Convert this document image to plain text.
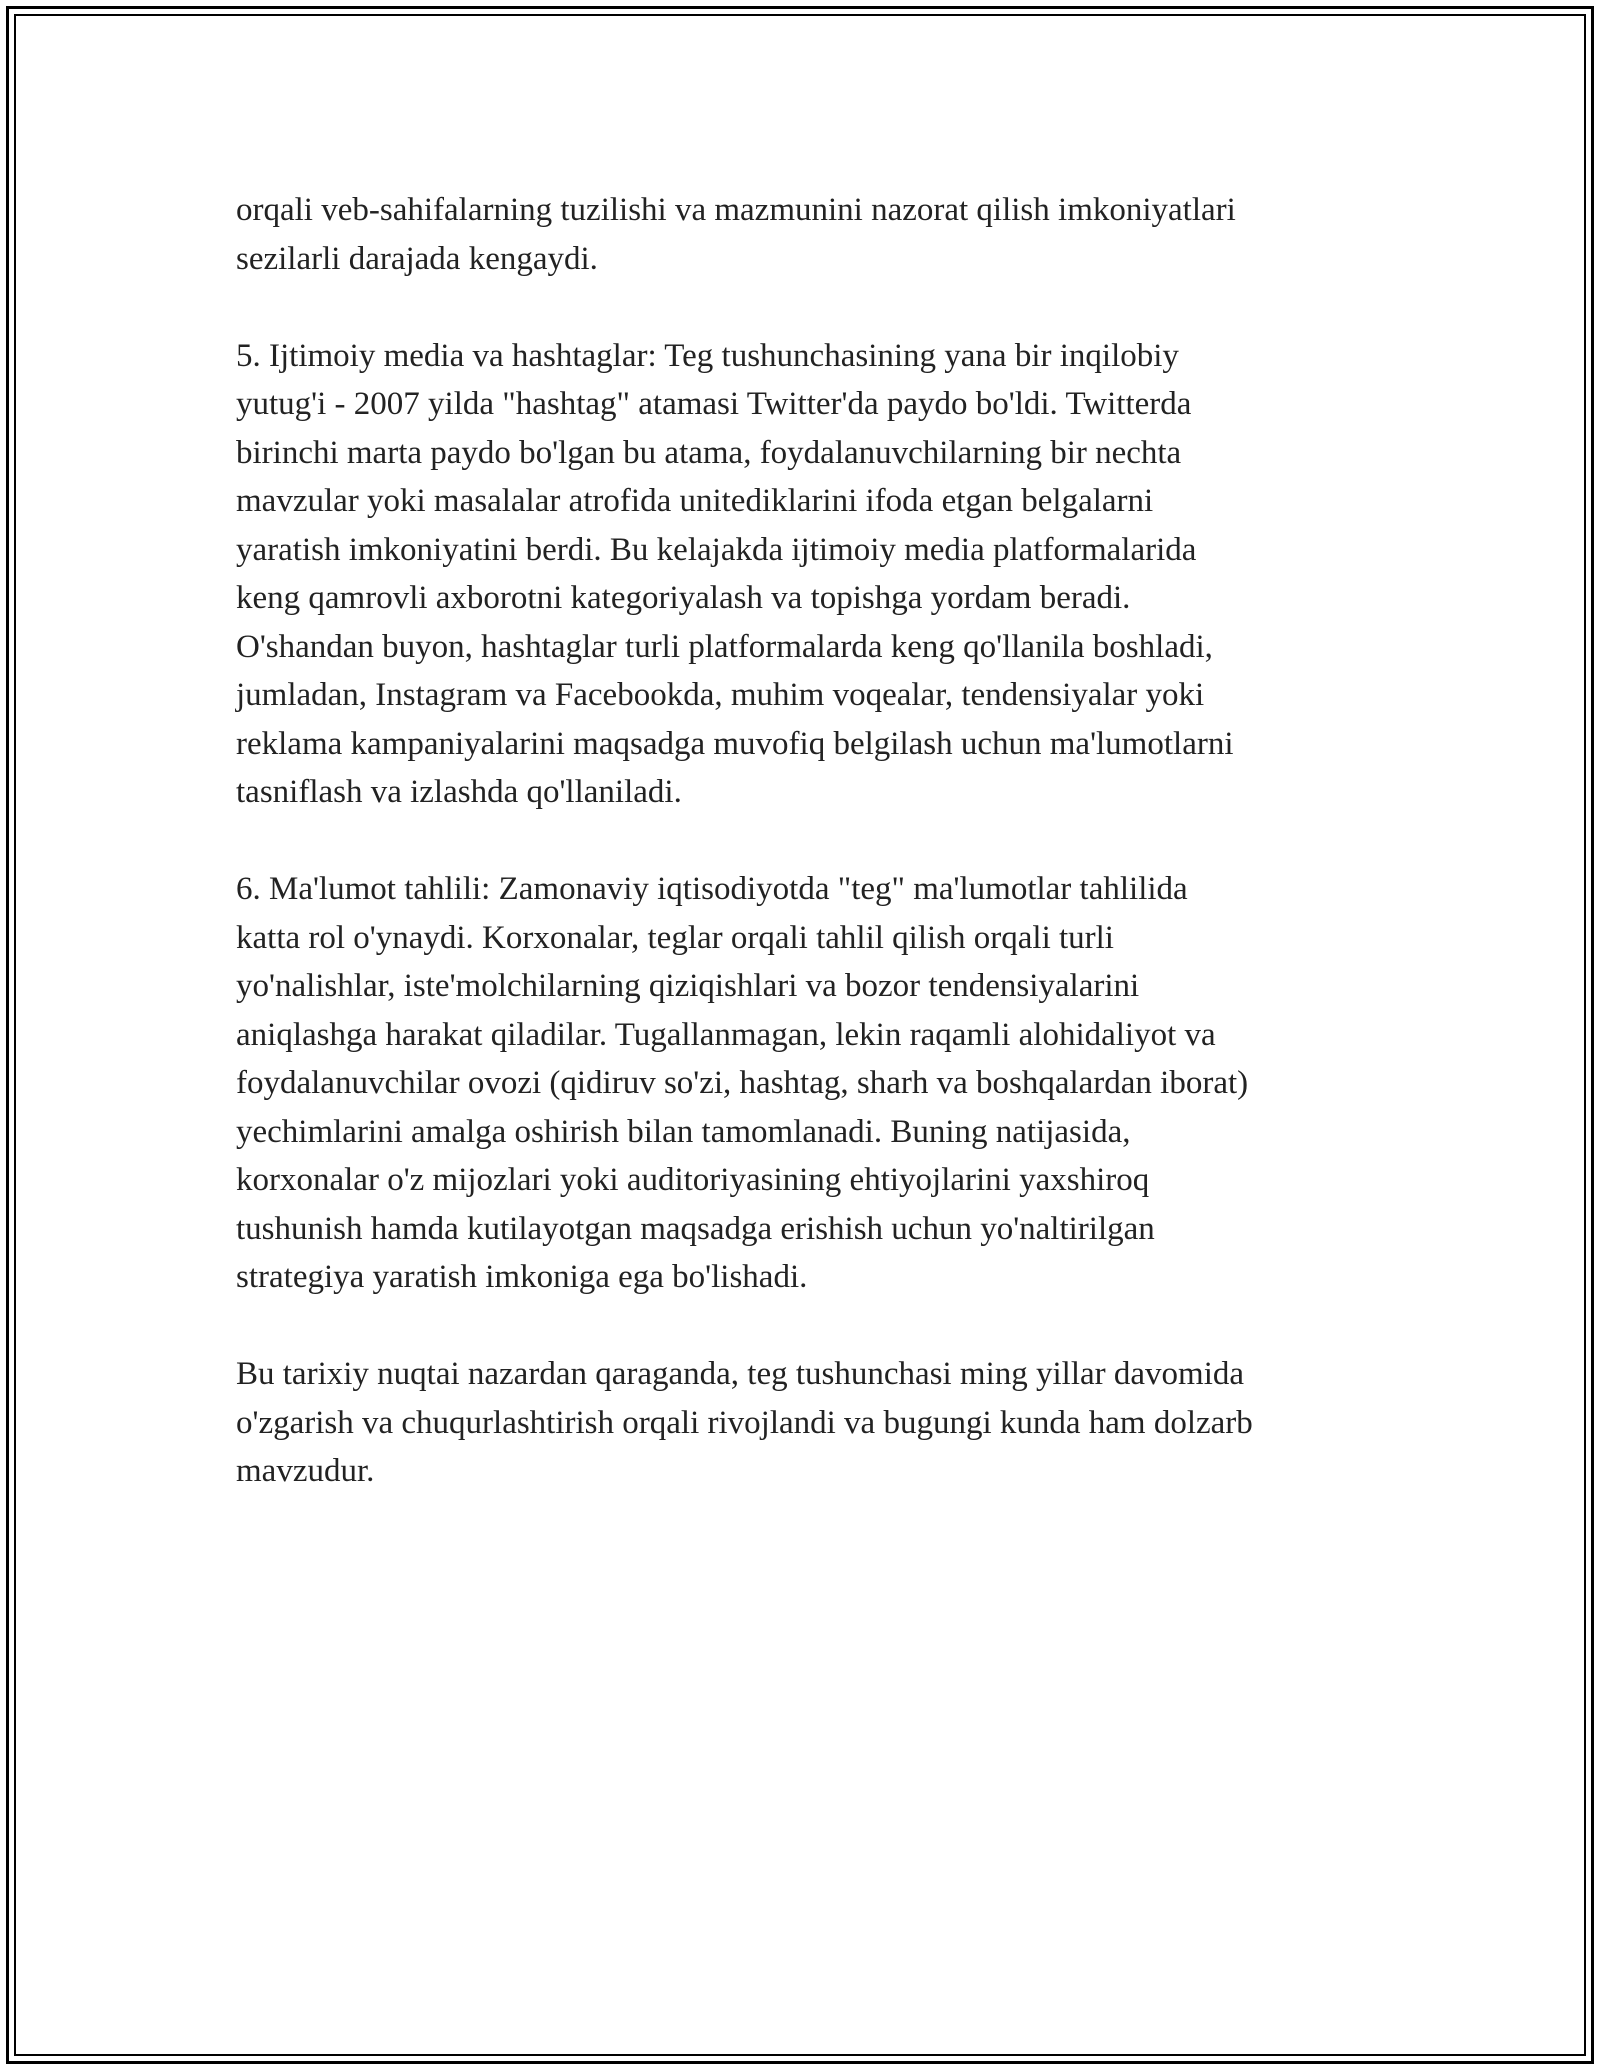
orqali veb-sahifalarning tuzilishi va mazmunini nazorat qilish imkoniyatlari
sezilarli darajada kengaydi.

5. Ijtimoiy media va hashtaglar: Teg tushunchasining yana bir inqilobiy
yutug'i - 2007 yilda "hashtag" atamasi Twitter'da paydo bo'ldi. Twitterda
birinchi marta paydo bo'lgan bu atama, foydalanuvchilarning bir nechta
mavzular yoki masalalar atrofida unitediklarini ifoda etgan belgalarni
yaratish imkoniyatini berdi. Bu kelajakda ijtimoiy media platformalarida
keng qamrovli axborotni kategoriyalash va topishga yordam beradi.
O'shandan buyon, hashtaglar turli platformalarda keng qo'llanila boshladi,
jumladan, Instagram va Facebookda, muhim voqealar, tendensiyalar yoki
reklama kampaniyalarini maqsadga muvofiq belgilash uchun ma'lumotlarni
tasniflash va izlashda qo'llaniladi.

6. Ma'lumot tahlili: Zamonaviy iqtisodiyotda "teg" ma'lumotlar tahlilida
katta rol o'ynaydi. Korxonalar, teglar orqali tahlil qilish orqali turli
yo'nalishlar, iste'molchilarning qiziqishlari va bozor tendensiyalarini
aniqlashga harakat qiladilar. Tugallanmagan, lekin raqamli alohidaliyot va
foydalanuvchilar ovozi (qidiruv so'zi, hashtag, sharh va boshqalardan iborat)
yechimlarini amalga oshirish bilan tamomlanadi. Buning natijasida,
korxonalar o'z mijozlari yoki auditoriyasining ehtiyojlarini yaxshiroq
tushunish hamda kutilayotgan maqsadga erishish uchun yo'naltirilgan
strategiya yaratish imkoniga ega bo'lishadi.

Bu tarixiy nuqtai nazardan qaraganda, teg tushunchasi ming yillar davomida
o'zgarish va chuqurlashtirish orqali rivojlandi va bugungi kunda ham dolzarb
mavzudur.
